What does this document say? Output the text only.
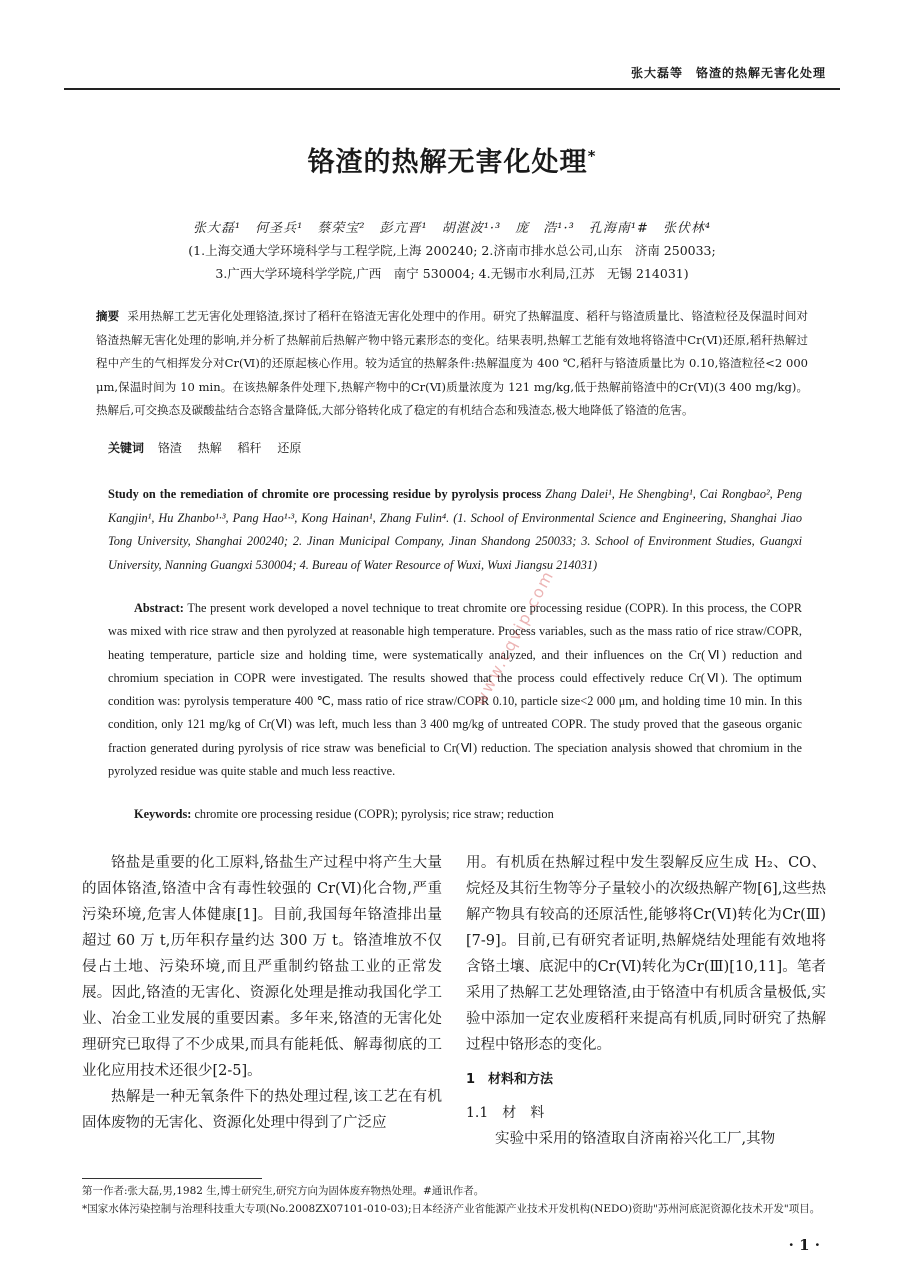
张大磊等　铬渣的热解无害化处理
铬渣的热解无害化处理*
张大磊¹　何圣兵¹　蔡荣宝²　彭亢晋¹　胡湛波¹·³　庞　浩¹·³　孔海南¹#　张伏林⁴
(1.上海交通大学环境科学与工程学院,上海 200240; 2.济南市排水总公司,山东　济南 250033;
3.广西大学环境科学学院,广西　南宁 530004; 4.无锡市水利局,江苏　无锡 214031)
摘要 采用热解工艺无害化处理铬渣,探讨了稻秆在铬渣无害化处理中的作用。研究了热解温度、稻秆与铬渣质量比、铬渣粒径及保温时间对铬渣热解无害化处理的影响,并分析了热解前后热解产物中铬元素形态的变化。结果表明,热解工艺能有效地将铬渣中Cr(Ⅵ)还原,稻秆热解过程中产生的气相挥发分对Cr(Ⅵ)的还原起核心作用。较为适宜的热解条件:热解温度为 400 ℃,稻秆与铬渣质量比为 0.10,铬渣粒径<2 000 μm,保温时间为 10 min。在该热解条件处理下,热解产物中的Cr(Ⅵ)质量浓度为 121 mg/kg,低于热解前铬渣中的Cr(Ⅵ)(3 400 mg/kg)。热解后,可交换态及碳酸盐结合态铬含量降低,大部分铬转化成了稳定的有机结合态和残渣态,极大地降低了铬渣的危害。
关键词 铬渣 热解 稻秆 还原
Study on the remediation of chromite ore processing residue by pyrolysis process Zhang Dalei¹, He Shengbing¹, Cai Rongbao², Peng Kangjin¹, Hu Zhanbo¹·³, Pang Hao¹·³, Kong Hainan¹, Zhang Fulin⁴. (1. School of Environmental Science and Engineering, Shanghai Jiao Tong University, Shanghai 200240; 2. Jinan Municipal Company, Jinan Shandong 250033; 3. School of Environment Studies, Guangxi University, Nanning Guangxi 530004; 4. Bureau of Water Resource of Wuxi, Wuxi Jiangsu 214031)
Abstract: The present work developed a novel technique to treat chromite ore processing residue (COPR). In this process, the COPR was mixed with rice straw and then pyrolyzed at reasonable high temperature. Process variables, such as the mass ratio of rice straw/COPR, heating temperature, particle size and holding time, were systematically analyzed, and their influences on the Cr(Ⅵ) reduction and chromium speciation in COPR were investigated. The results showed that the process could effectively reduce Cr(Ⅵ). The optimum condition was: pyrolysis temperature 400 ℃, mass ratio of rice straw/COPR 0.10, particle size<2 000 μm, and holding time 10 min. In this condition, only 121 mg/kg of Cr(Ⅵ) was left, much less than 3 400 mg/kg of untreated COPR. The study proved that the gaseous organic fraction generated during pyrolysis of rice straw was beneficial to Cr(Ⅵ) reduction. The speciation analysis showed that chromium in the pyrolyzed residue was quite stable and much less reactive.
Keywords: chromite ore processing residue (COPR); pyrolysis; rice straw; reduction

铬盐是重要的化工原料,铬盐生产过程中将产生大量的固体铬渣,铬渣中含有毒性较强的 Cr(Ⅵ)化合物,严重污染环境,危害人体健康[1]。目前,我国每年铬渣排出量超过 60 万 t,历年积存量约达 300 万 t。铬渣堆放不仅侵占土地、污染环境,而且严重制约铬盐工业的正常发展。因此,铬渣的无害化、资源化处理是推动我国化学工业、冶金工业发展的重要因素。多年来,铬渣的无害化处理研究已取得了不少成果,而具有能耗低、解毒彻底的工业化应用技术还很少[2-5]。

热解是一种无氧条件下的热处理过程,该工艺在有机固体废物的无害化、资源化处理中得到了广泛应

用。有机质在热解过程中发生裂解反应生成 H₂、CO、烷烃及其衍生物等分子量较小的次级热解产物[6],这些热解产物具有较高的还原活性,能够将Cr(Ⅵ)转化为Cr(Ⅲ)[7-9]。目前,已有研究者证明,热解烧结处理能有效地将含铬土壤、底泥中的Cr(Ⅵ)转化为Cr(Ⅲ)[10,11]。笔者采用了热解工艺处理铬渣,由于铬渣中有机质含量极低,实验中添加一定农业废稻秆来提高有机质,同时研究了热解过程中铬形态的变化。

1　材料和方法
1.1　材　料

实验中采用的铬渣取自济南裕兴化工厂,其物

第一作者:张大磊,男,1982 生,博士研究生,研究方向为固体废弃物热处理。#通讯作者。
*国家水体污染控制与治理科技重大专项(No.2008ZX07101-010-03);日本经济产业省能源产业技术开发机构(NEDO)资助"苏州河底泥资源化技术开发"项目。
· 1 ·
www.cqvip.com
